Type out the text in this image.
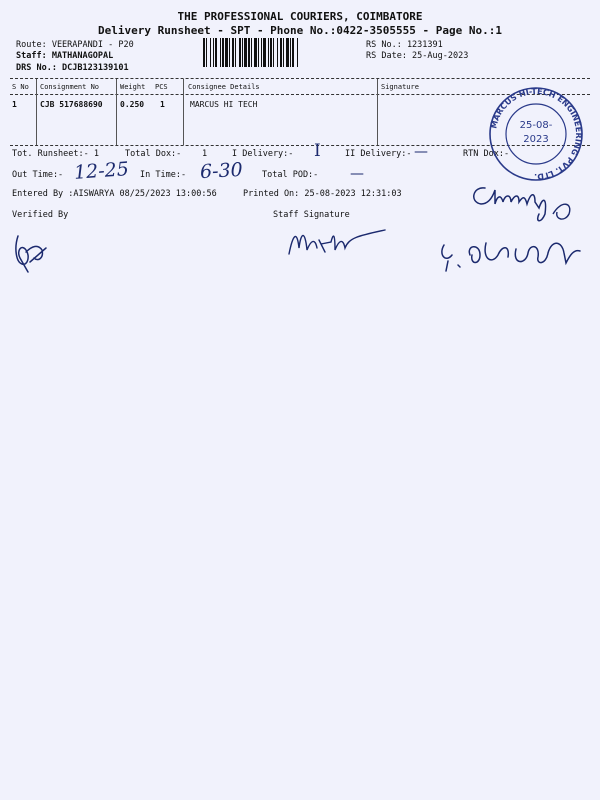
THE PROFESSIONAL COURIERS, COIMBATORE
Delivery Runsheet - SPT - Phone No.:0422-3505555 - Page No.:1
Route: VEERAPANDI - P20
Staff: MATHANAGOPAL
DRS No.: DCJB123139101
RS No.: 1231391
RS Date: 25-Aug-2023
S No Consignment No	Weight PCS	Consignee Details	Signature
1	CJB 517688690 0.250 1	MARCUS HI TECH
Tot. Runsheet:- 1	Total Dox:- 1	I Delivery:-	II Delivery:-	RTN Dox:-
Out Time:-	In Time:-	Total POD:-
12-25	6-30
I	—
—
Entered By :AISWARYA 08/25/2023 13:00:56	Printed On: 25-08-2023 12:31:03
Verified By	Staff Signature
MARCUS HI-TECH ENGINEERING PVT. LTD.
25-08-
2023
